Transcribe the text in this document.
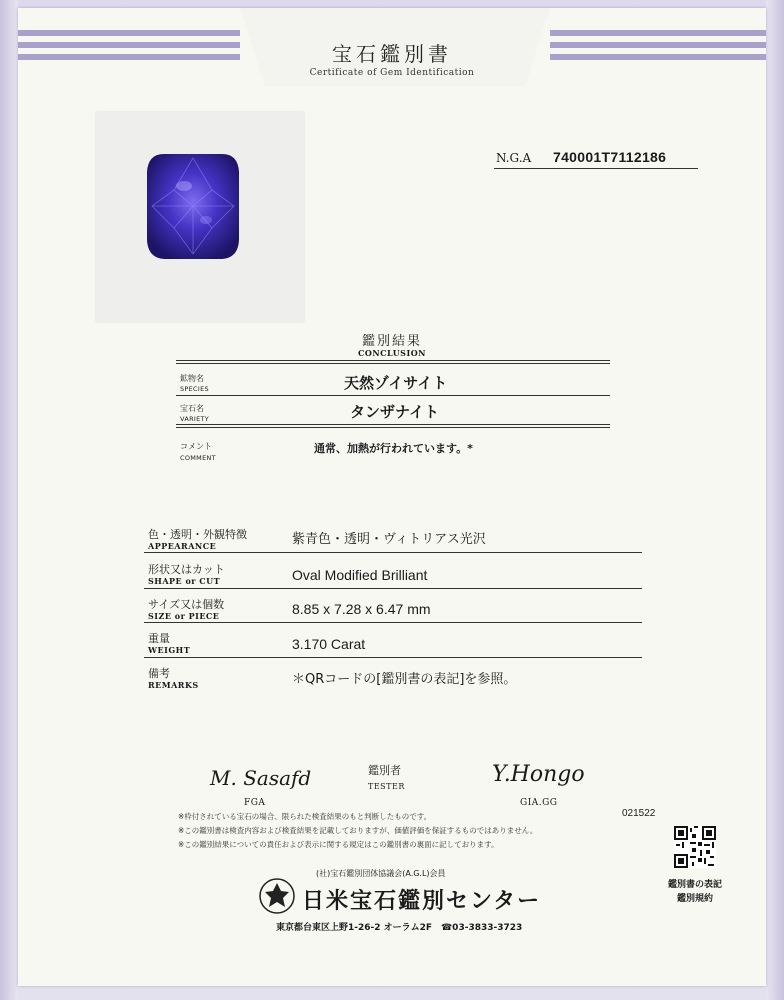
宝石鑑別書
Certificate of Gem Identification
N.G.A 740001T7112186
鑑別結果
CONCLUSION
鉱物名
SPECIES	天然ゾイサイト
宝石名
VARIETY	タンザナイト
コメント
COMMENT
通常、加熱が行われています。*
色・透明・外観特徴
APPEARANCE	紫青色・透明・ヴィトリアス光沢
形状又はカット
SHAPE or CUT	Oval Modified Brilliant
サイズ又は個数
SIZE or PIECE	8.85 x 7.28 x 6.47 mm
重量
WEIGHT	3.170 Carat
備考
REMARKS	＊QRコードの[鑑別書の表記]を参照。
M. Sasafd
FGA
鑑別者
TESTER	Y.Hongo
GIA.GG
※枠付されている宝石の場合、限られた検査結果のもと判断したものです。
※この鑑別書は検査内容および検査結果を記載しておりますが、価値評価を保証するものではありません。
※この鑑別結果についての責任および表示に関する規定はこの鑑別書の裏面に記しております。
021522
鑑別書の表記
鑑別規約
(社)宝石鑑別団体協議会(A.G.L)会員
日米宝石鑑別センター
東京都台東区上野1-26-2 オーラム2F　☎03-3833-3723
